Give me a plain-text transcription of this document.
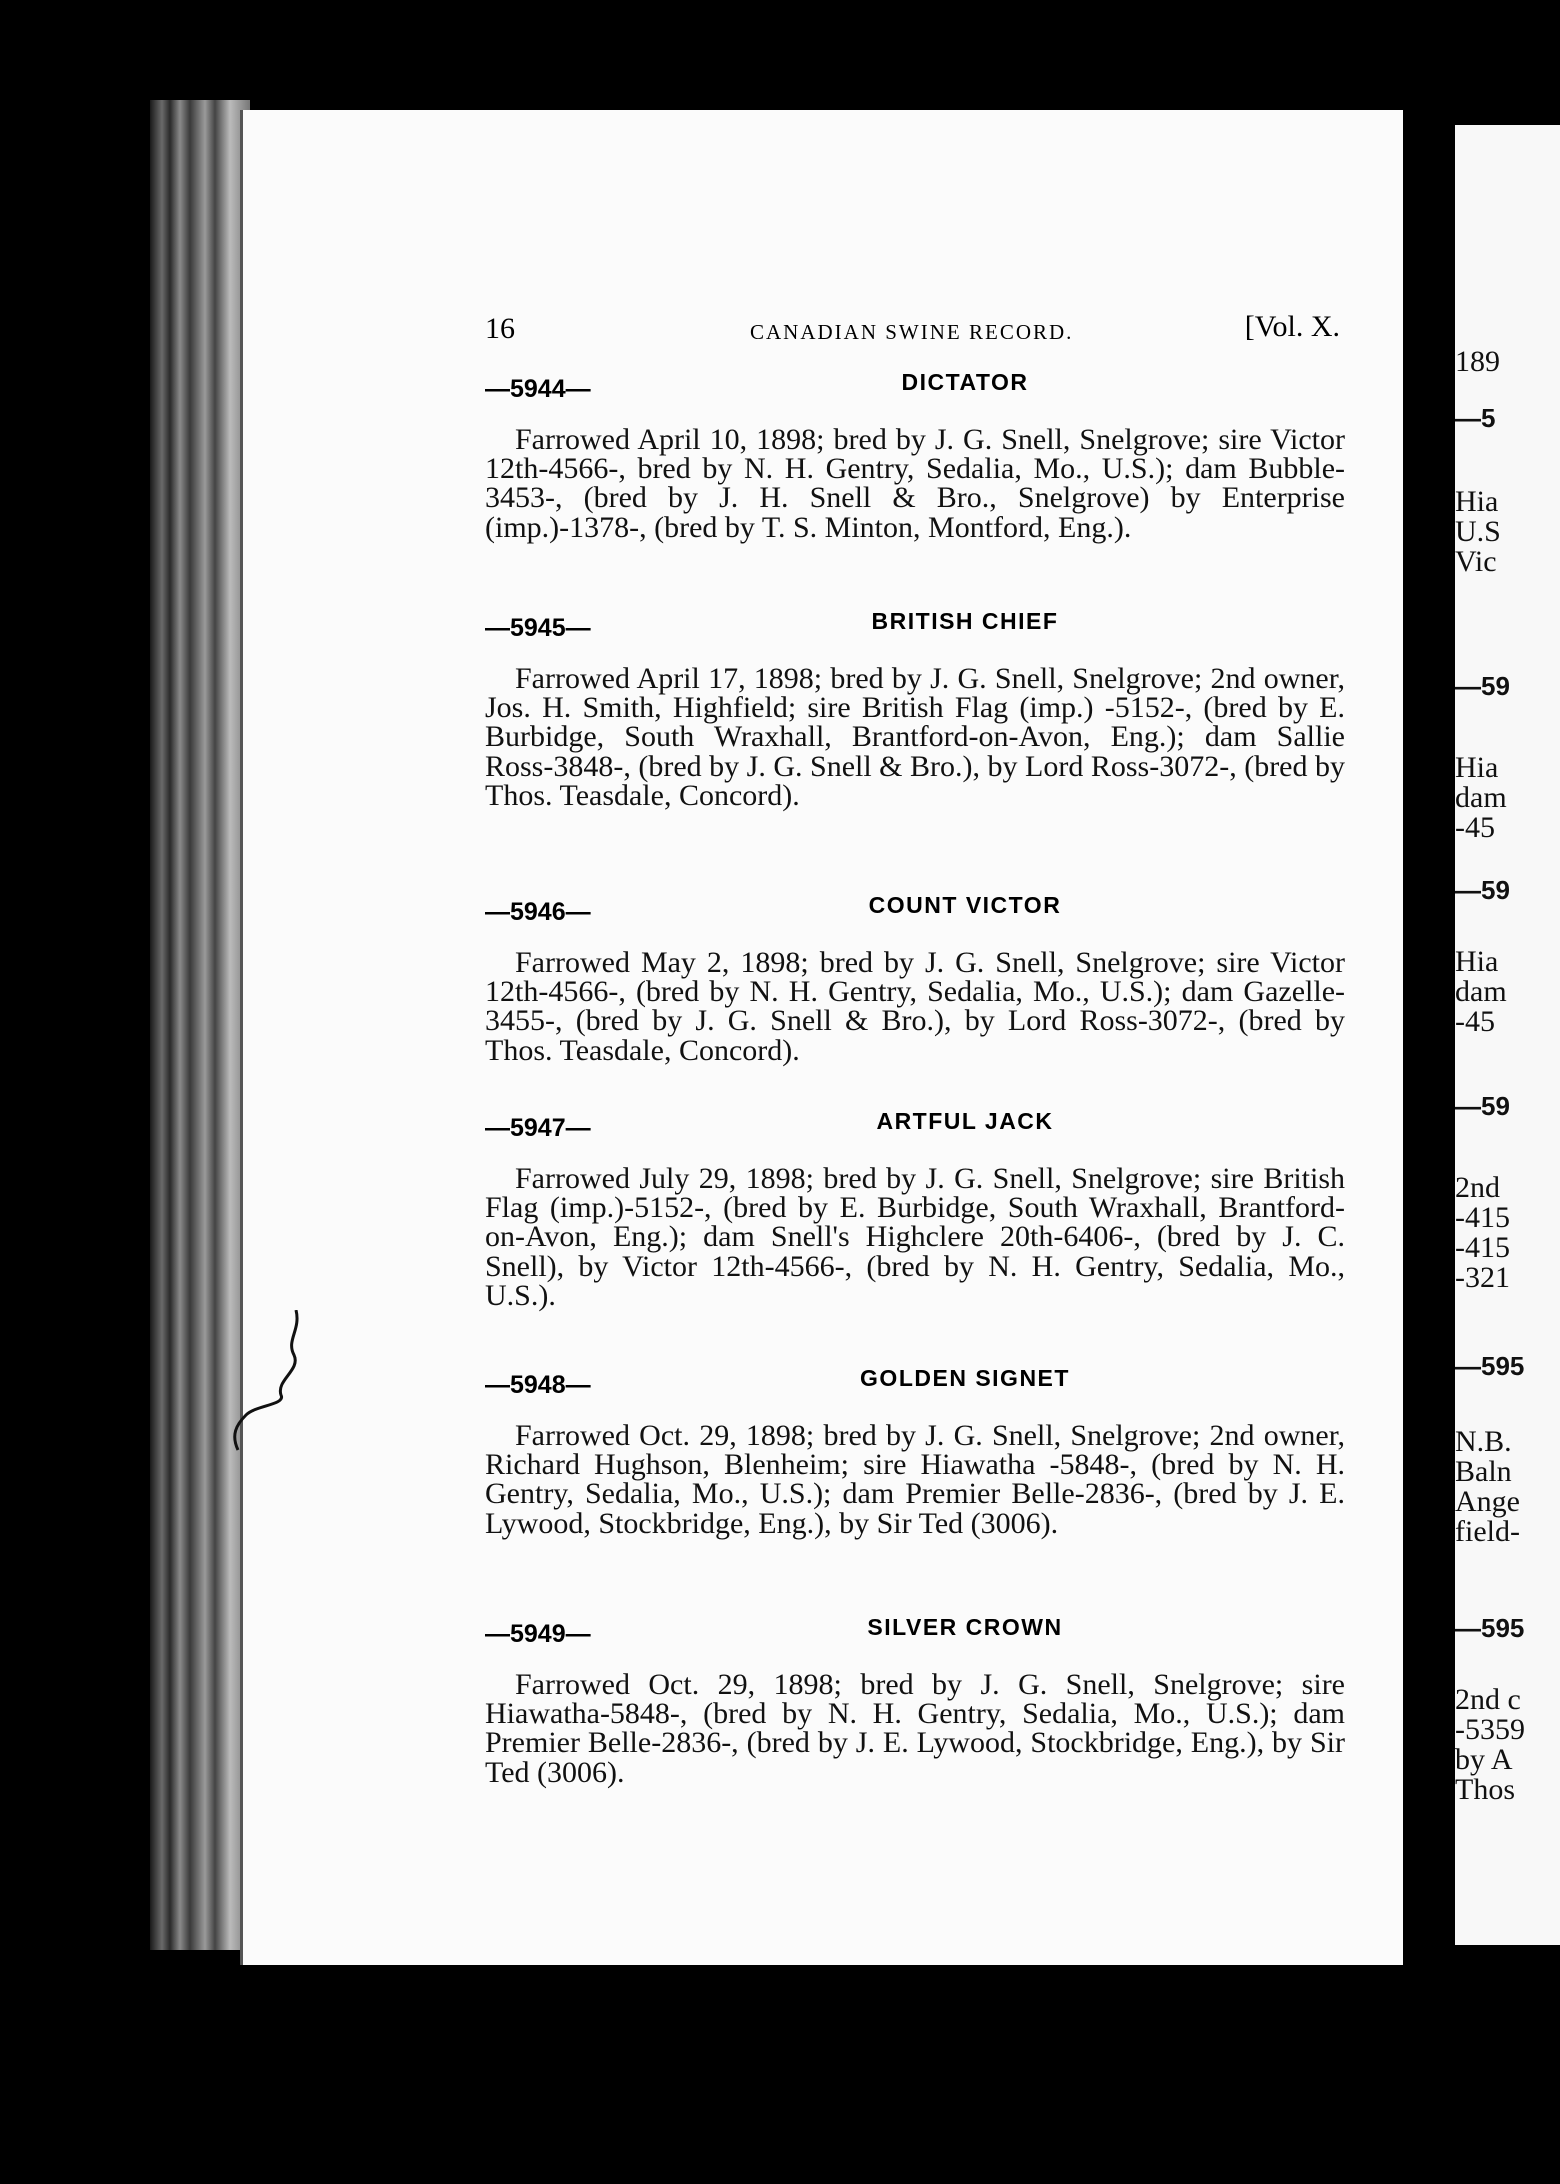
189
—5
Hia
U.S
Vic
—59
Hia
dam
-45
—59
Hia
dam
-45
—59
2nd
-415
-415
-321
—595
N.B.
Baln
Ange
field-
—595
2nd c
-5359
by A
Thos
16	CANADIAN SWINE RECORD.	[Vol. X.
—5944—	DICTATOR

Farrowed April 10, 1898; bred by J. G. Snell, Snelgrove; sire Victor 12th-4566-, bred by N. H. Gentry, Sedalia, Mo., U.S.); dam Bubble-3453-, (bred by J. H. Snell & Bro., Snelgrove) by Enterprise (imp.)-1378-, (bred by T. S. Minton, Montford, Eng.).

—5945—	BRITISH CHIEF

Farrowed April 17, 1898; bred by J. G. Snell, Snelgrove; 2nd owner, Jos. H. Smith, Highfield; sire British Flag (imp.) -5152-, (bred by E. Burbidge, South Wraxhall, Brantford-on-Avon, Eng.); dam Sallie Ross-3848-, (bred by J. G. Snell & Bro.), by Lord Ross-3072-, (bred by Thos. Teasdale, Concord).

—5946—	COUNT VICTOR

Farrowed May 2, 1898; bred by J. G. Snell, Snelgrove; sire Victor 12th-4566-, (bred by N. H. Gentry, Sedalia, Mo., U.S.); dam Gazelle-3455-, (bred by J. G. Snell & Bro.), by Lord Ross-3072-, (bred by Thos. Teasdale, Concord).

—5947—	ARTFUL JACK

Farrowed July 29, 1898; bred by J. G. Snell, Snelgrove; sire British Flag (imp.)-5152-, (bred by E. Burbidge, South Wraxhall, Brantford-on-Avon, Eng.); dam Snell's Highclere 20th-6406-, (bred by J. C. Snell), by Victor 12th-4566-, (bred by N. H. Gentry, Sedalia, Mo., U.S.).

—5948—	GOLDEN SIGNET

Farrowed Oct. 29, 1898; bred by J. G. Snell, Snelgrove; 2nd owner, Richard Hughson, Blenheim; sire Hiawatha -5848-, (bred by N. H. Gentry, Sedalia, Mo., U.S.); dam Premier Belle-2836-, (bred by J. E. Lywood, Stockbridge, Eng.), by Sir Ted (3006).

—5949—	SILVER CROWN

Farrowed Oct. 29, 1898; bred by J. G. Snell, Snelgrove; sire Hiawatha-5848-, (bred by N. H. Gentry, Sedalia, Mo., U.S.); dam Premier Belle-2836-, (bred by J. E. Lywood, Stockbridge, Eng.), by Sir Ted (3006).
